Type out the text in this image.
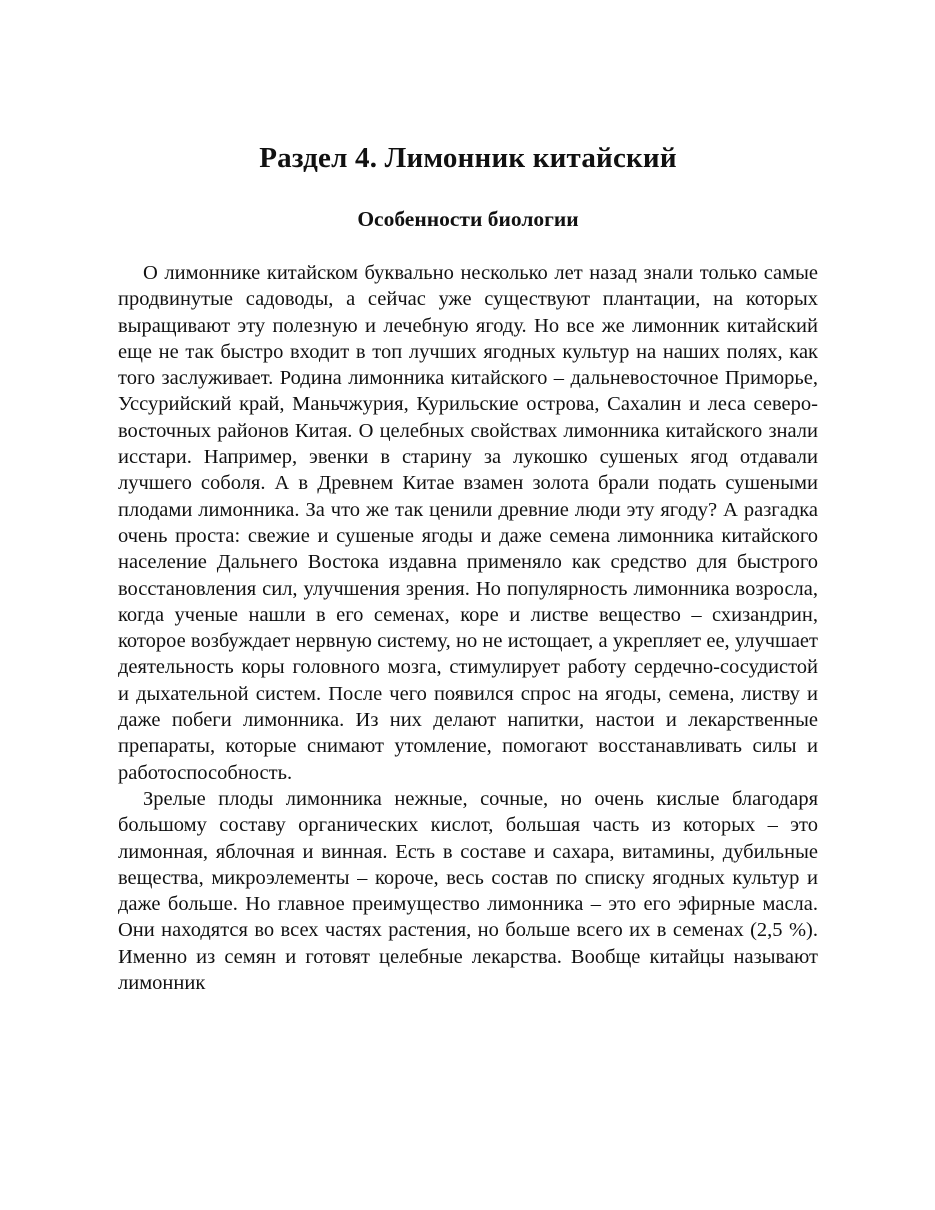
Раздел 4. Лимонник китайский
Особенности биологии

О лимоннике китайском буквально несколько лет назад знали только самые продвинутые садоводы, а сейчас уже существуют плантации, на которых выращивают эту полезную и лечебную ягоду. Но все же лимонник китайский еще не так быстро входит в топ лучших ягодных культур на наших полях, как того заслуживает. Родина лимонника китайского – дальневосточное Приморье, Уссурийский край, Маньчжурия, Курильские острова, Сахалин и леса северо-восточных районов Китая. О целебных свойствах лимонника китайского знали исстари. Например, эвенки в старину за лукошко сушеных ягод отдавали лучшего соболя. А в Древнем Китае взамен золота брали подать сушеными плодами лимонника. За что же так ценили древние люди эту ягоду? А разгадка очень проста: свежие и сушеные ягоды и даже семена лимонника китайского население Дальнего Востока издавна применяло как средство для быстрого восстановления сил, улучшения зрения. Но популярность лимонника возросла, когда ученые нашли в его семенах, коре и листве вещество – схизандрин, которое возбуждает нервную систему, но не истощает, а укрепляет ее, улучшает деятельность коры головного мозга, стимулирует работу сердечно-сосудистой и дыхательной систем. После чего появился спрос на ягоды, семена, листву и даже побеги лимонника. Из них делают напитки, настои и лекарственные препараты, которые снимают утомление, помогают восстанавливать силы и работоспособность.

Зрелые плоды лимонника нежные, сочные, но очень кислые благодаря большому составу органических кислот, большая часть из которых – это лимонная, яблочная и винная. Есть в составе и сахара, витамины, дубильные вещества, микроэлементы – короче, весь состав по списку ягодных культур и даже больше. Но главное преимущество лимонника – это его эфирные масла. Они находятся во всех частях растения, но больше всего их в семенах (2,5 %). Именно из семян и готовят целебные лекарства. Вообще китайцы называют лимонник
